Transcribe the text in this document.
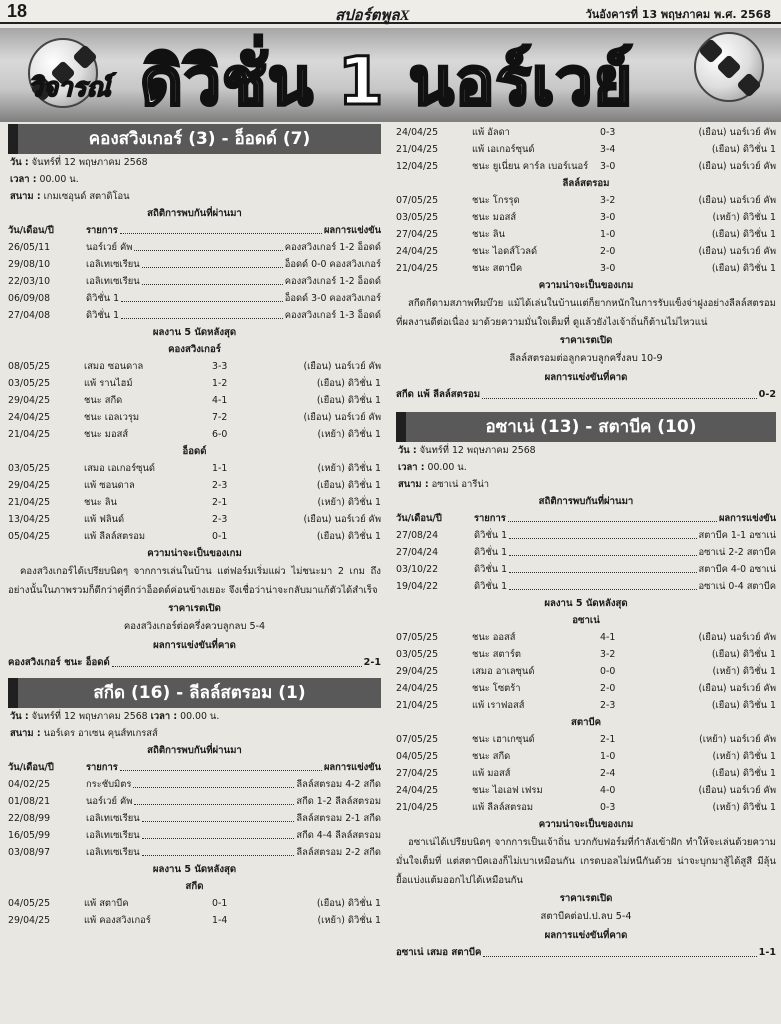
18	สปอร์ตพูลX	วันอังคารที่ 13 พฤษภาคม พ.ศ. 2568
วิจารณ์ ดิวิชั่น 1 นอร์เวย์
คองสวิงเกอร์ (3) - อ็อดด์ (7)
วัน : จันทร์ที่ 12 พฤษภาคม 2568
เวลา : 00.00 น.
สนาม : เกมเซอุนด์ สตาดิโอน
สถิติการพบกันที่ผ่านมา
วัน/เดือน/ปี	รายการ	ผลการแข่งขัน
26/05/11	นอร์เวย์ คัพ	คองสวิงเกอร์ 1-2 อ็อดด์
29/08/10	เอลิเทเซเรียน	อ็อดด์ 0-0 คองสวิงเกอร์
22/03/10	เอลิเทเซเรียน	คองสวิงเกอร์ 1-2 อ็อดด์
06/09/08	ดิวิชั่น 1	อ็อดด์ 3-0 คองสวิงเกอร์
27/04/08	ดิวิชั่น 1	คองสวิงเกอร์ 1-3 อ็อดด์
ผลงาน 5 นัดหลังสุด
คองสวิงเกอร์
08/05/25	เสมอ ซอนดาล	3-3	(เยือน) นอร์เวย์ คัพ
03/05/25	แพ้ รานไฮม์	1-2	(เยือน) ดิวิชั่น 1
29/04/25	ชนะ สกีด	4-1	(เยือน) ดิวิชั่น 1
24/04/25	ชนะ เอลเวรุม	7-2	(เยือน) นอร์เวย์ คัพ
21/04/25	ชนะ มอสส์	6-0	(เหย้า) ดิวิชั่น 1
อ็อดด์
03/05/25	เสมอ เอเกอร์ซุนด์	1-1	(เหย้า) ดิวิชั่น 1
29/04/25	แพ้ ซอนดาล	2-3	(เยือน) ดิวิชั่น 1
21/04/25	ชนะ ลิน	2-1	(เหย้า) ดิวิชั่น 1
13/04/25	แพ้ ฟลินด์	2-3	(เยือน) นอร์เวย์ คัพ
05/04/25	แพ้ ลีลล์สตรอม	0-1	(เยือน) ดิวิชั่น 1
ความน่าจะเป็นของเกม
คองสวิงเกอร์ได้เปรียบนิดๆ จากการเล่นในบ้าน แต่ฟอร์มเริ่มแผ่ว ไม่ชนะมา 2 เกม ถึงอย่างนั้นในภาพรวมก็ดีกว่าคู่ตีกว่าอ็อดด์ค่อนข้างเยอะ จึงเชื่อว่าน่าจะกลับมาแก้ตัวได้สำเร็จ
ราคาเรตเปิด
คองสวิงเกอร์ต่อครึ่งควบลูกลบ 5-4
ผลการแข่งขันที่คาด
คองสวิงเกอร์ ชนะ อ็อดด์	2-1
สกีด (16) - ลีลล์สตรอม (1)
วัน : จันทร์ที่ 12 พฤษภาคม 2568 เวลา : 00.00 น.
สนาม : นอร์เดร อาเซน คุนส์ทเกรสส์
สถิติการพบกันที่ผ่านมา
วัน/เดือน/ปี	รายการ	ผลการแข่งขัน
04/02/25	กระชับมิตร	ลีลล์สตรอม 4-2 สกีด
01/08/21	นอร์เวย์ คัพ	สกีด 1-2 ลีลล์สตรอม
22/08/99	เอลิเทเซเรียน	ลีลล์สตรอม 2-1 สกีด
16/05/99	เอลิเทเซเรียน	สกีด 4-4 ลีลล์สตรอม
03/08/97	เอลิเทเซเรียน	ลีลล์สตรอม 2-2 สกีด
ผลงาน 5 นัดหลังสุด
สกีด
04/05/25	แพ้ สตาบีค	0-1	(เยือน) ดิวิชั่น 1
29/04/25	แพ้ คองสวิงเกอร์	1-4	(เหย้า) ดิวิชั่น 1
24/04/25	แพ้ อัลดา	0-3	(เยือน) นอร์เวย์ คัพ
21/04/25	แพ้ เอเกอร์ซุนด์	3-4	(เยือน) ดิวิชั่น 1
12/04/25	ชนะ ยูเนี่ยน คาร์ล เบอร์เนอร์	3-0	(เยือน) นอร์เวย์ คัพ
ลีลล์สตรอม
07/05/25	ชนะ โกรรุด	3-2	(เยือน) นอร์เวย์ คัพ
03/05/25	ชนะ มอสส์	3-0	(เหย้า) ดิวิชั่น 1
27/04/25	ชนะ ลิน	1-0	(เยือน) ดิวิชั่น 1
24/04/25	ชนะ ไอดส์โวลด์	2-0	(เยือน) นอร์เวย์ คัพ
21/04/25	ชนะ สตาบีค	3-0	(เยือน) ดิวิชั่น 1
ความน่าจะเป็นของเกม
สกีดกีดามสภาพทีมบ๊วย แม้ได้เล่นในบ้านแต่ก็ยากหนักในการรับแข็งจ่าฝูงอย่างลีลล์สตรอมที่ผลงานดีต่อเนื่อง มาด้วยความมั่นใจเต็มที่ ดูแล้วยังไงเจ้าถิ่นก็ต้านไม่ไหวแน่
ราคาเรตเปิด
ลีลล์สตรอมต่อลูกควบลูกครึ่งลบ 10-9
ผลการแข่งขันที่คาด
สกีด แพ้ ลีลล์สตรอม	0-2
อซาเน่ (13) - สตาบีค (10)
วัน : จันทร์ที่ 12 พฤษภาคม 2568
เวลา : 00.00 น.
สนาม : อซาเน่ อารีน่า
สถิติการพบกันที่ผ่านมา
วัน/เดือน/ปี	รายการ	ผลการแข่งขัน
27/08/24	ดิวิชั่น 1	สตาบีค 1-1 อซาเน่
27/04/24	ดิวิชั่น 1	อซาเน่ 2-2 สตาบีค
03/10/22	ดิวิชั่น 1	สตาบีค 4-0 อซาเน่
19/04/22	ดิวิชั่น 1	อซาเน่ 0-4 สตาบีค
ผลงาน 5 นัดหลังสุด
อซาเน่
07/05/25	ชนะ ออสส์	4-1	(เยือน) นอร์เวย์ คัพ
03/05/25	ชนะ สตาร์ต	3-2	(เยือน) ดิวิชั่น 1
29/04/25	เสมอ อาเลซุนด์	0-0	(เหย้า) ดิวิชั่น 1
24/04/25	ชนะ โซตร้า	2-0	(เยือน) นอร์เวย์ คัพ
21/04/25	แพ้ เราฟอสส์	2-3	(เยือน) ดิวิชั่น 1
สตาบีค
07/05/25	ชนะ เฮาเกซุนด์	2-1	(เหย้า) นอร์เวย์ คัพ
04/05/25	ชนะ สกีด	1-0	(เหย้า) ดิวิชั่น 1
27/04/25	แพ้ มอสส์	2-4	(เยือน) ดิวิชั่น 1
24/04/25	ชนะ ไอเอฟ เฟรม	4-0	(เยือน) นอร์เวย์ คัพ
21/04/25	แพ้ ลีลล์สตรอม	0-3	(เหย้า) ดิวิชั่น 1
ความน่าจะเป็นของเกม
อซาเน่ได้เปรียบนิดๆ จากการเป็นเจ้าถิ่น บวกกับฟอร์มที่กำลังเข้าฝัก ทำให้จะเล่นด้วยความมั่นใจเต็มที่ แต่สตาบีคเองก็ไม่เบาเหมือนกัน เกรดบอลไม่หนีกันด้วย น่าจะบุกมาสู้ได้สูสี มีลุ้นยื้อแบ่งแต้มออกไปได้เหมือนกัน
ราคาเรตเปิด
สตาบีคต่อป.ป.ลบ 5-4
ผลการแข่งขันที่คาด
อซาเน่ เสมอ สตาบีค	1-1
